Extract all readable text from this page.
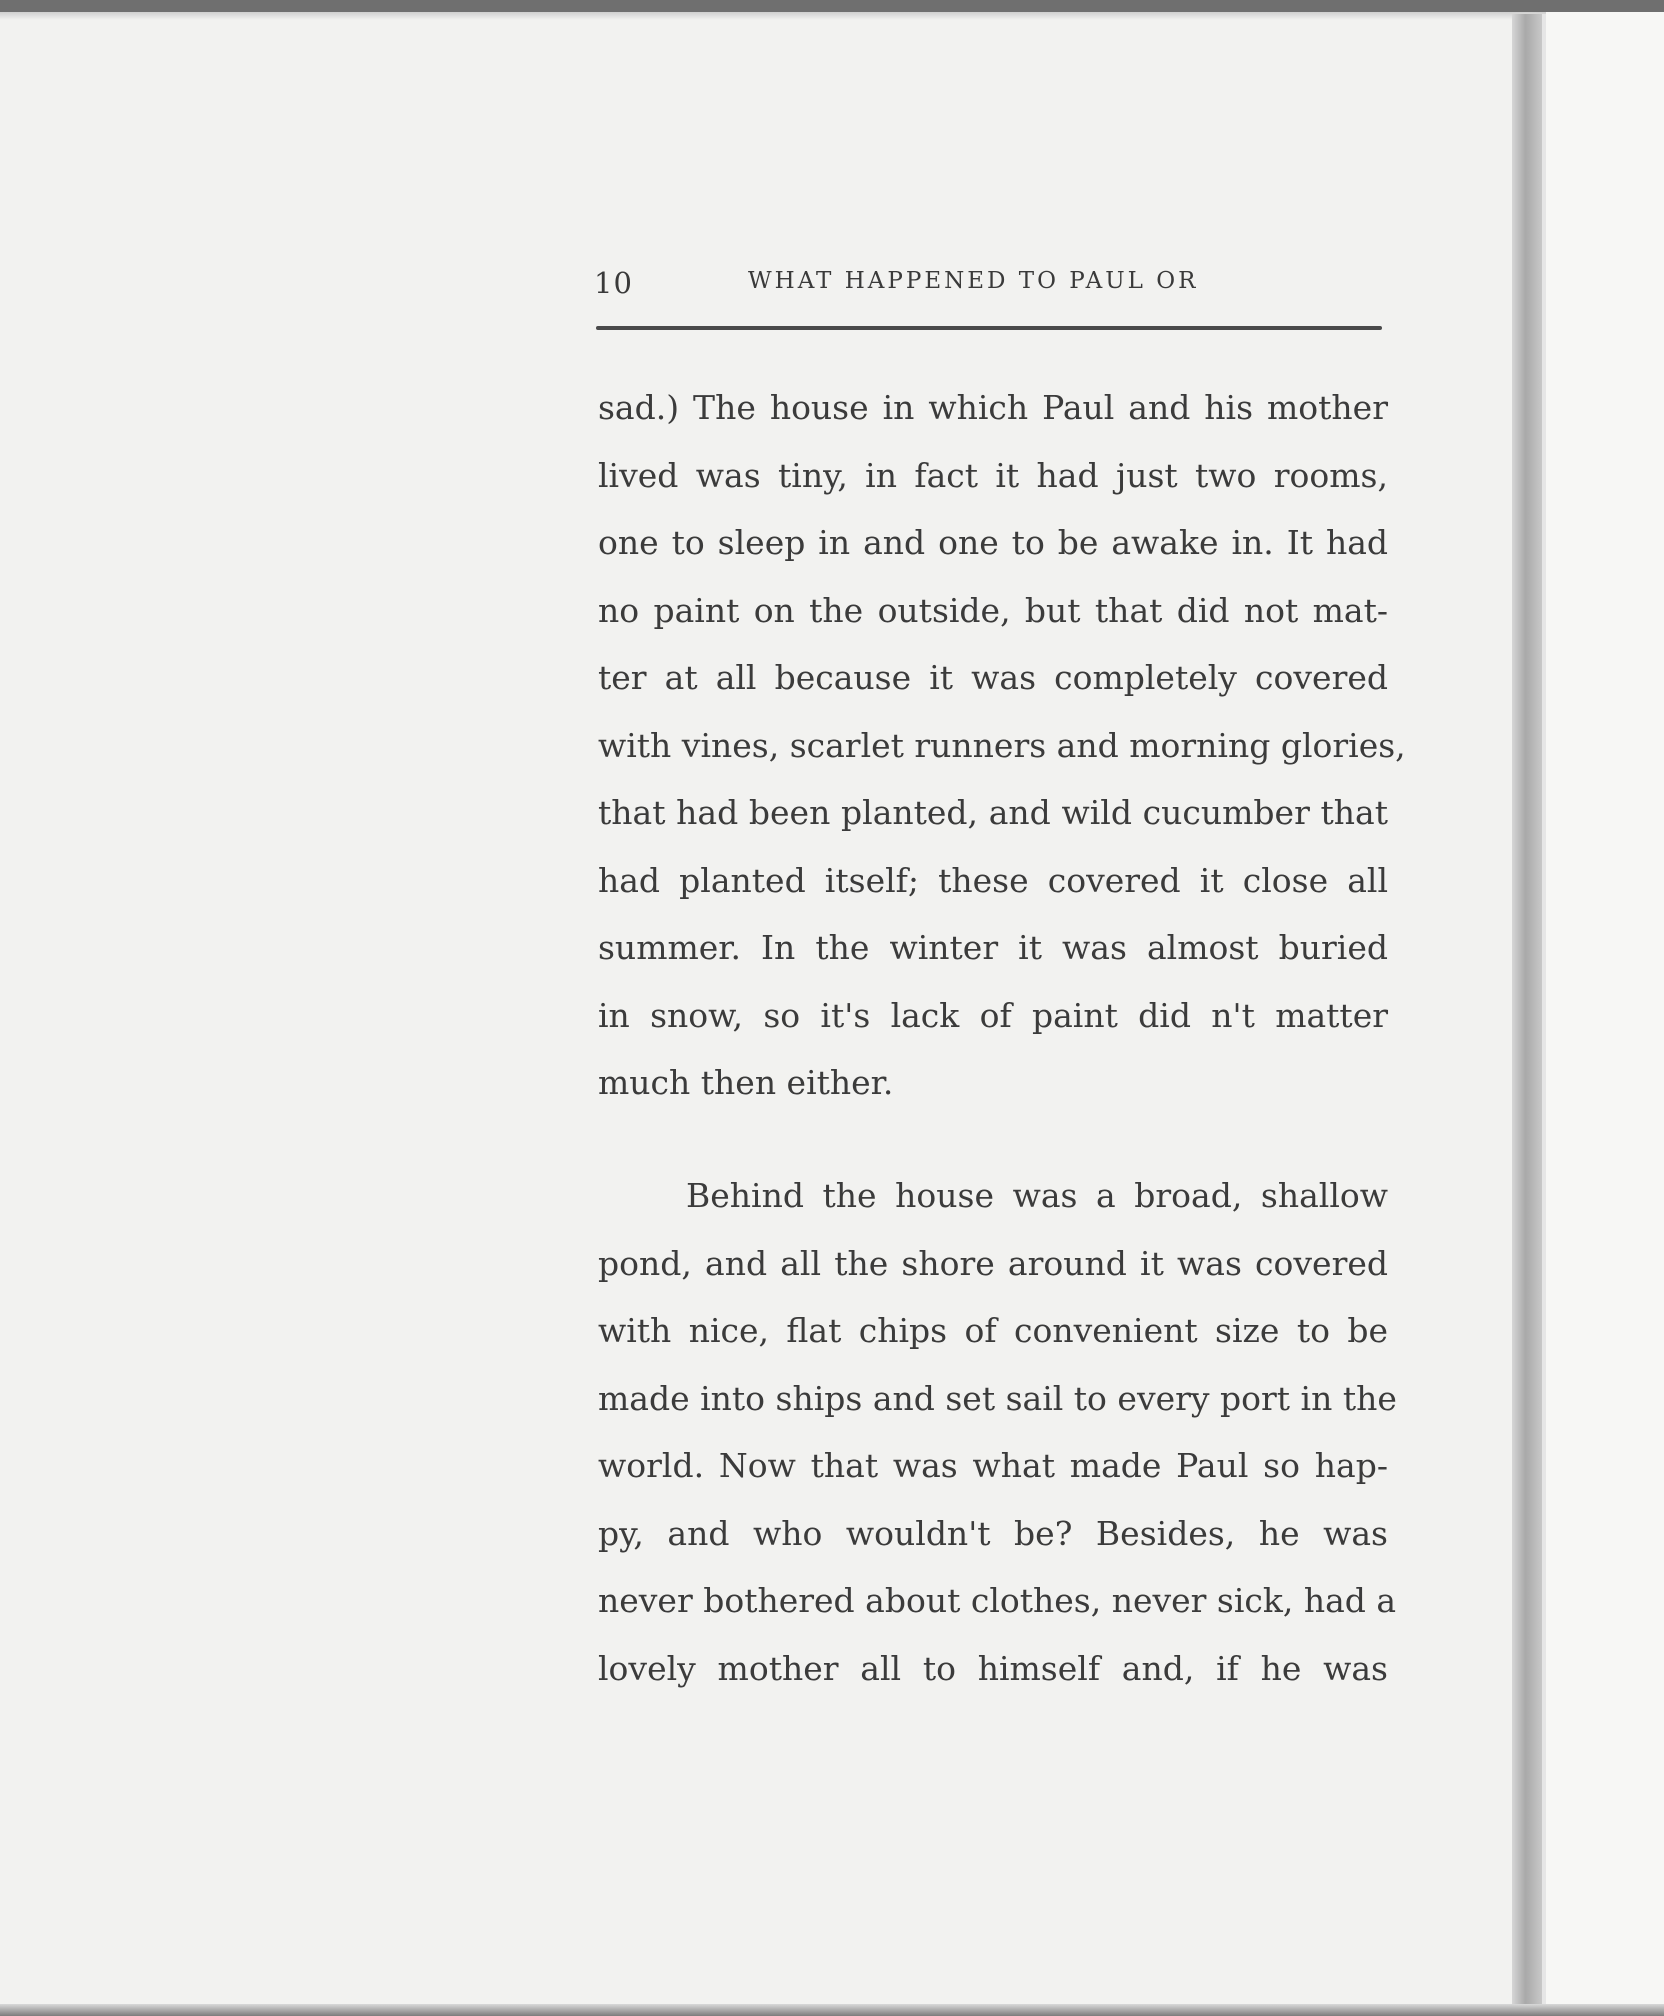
10	WHAT HAPPENED TO PAUL OR
sad.) The house in which Paul and his mother
lived was tiny, in fact it had just two rooms,
one to sleep in and one to be awake in. It had
no paint on the outside, but that did not mat-
ter at all because it was completely covered
with vines, scarlet runners and morning glories,
that had been planted, and wild cucumber that
had planted itself; these covered it close all
summer. In the winter it was almost buried
in snow, so it's lack of paint did n't matter
much then either.
Behind the house was a broad, shallow
pond, and all the shore around it was covered
with nice, flat chips of convenient size to be
made into ships and set sail to every port in the
world. Now that was what made Paul so hap-
py, and who wouldn't be? Besides, he was
never bothered about clothes, never sick, had a
lovely mother all to himself and, if he was
